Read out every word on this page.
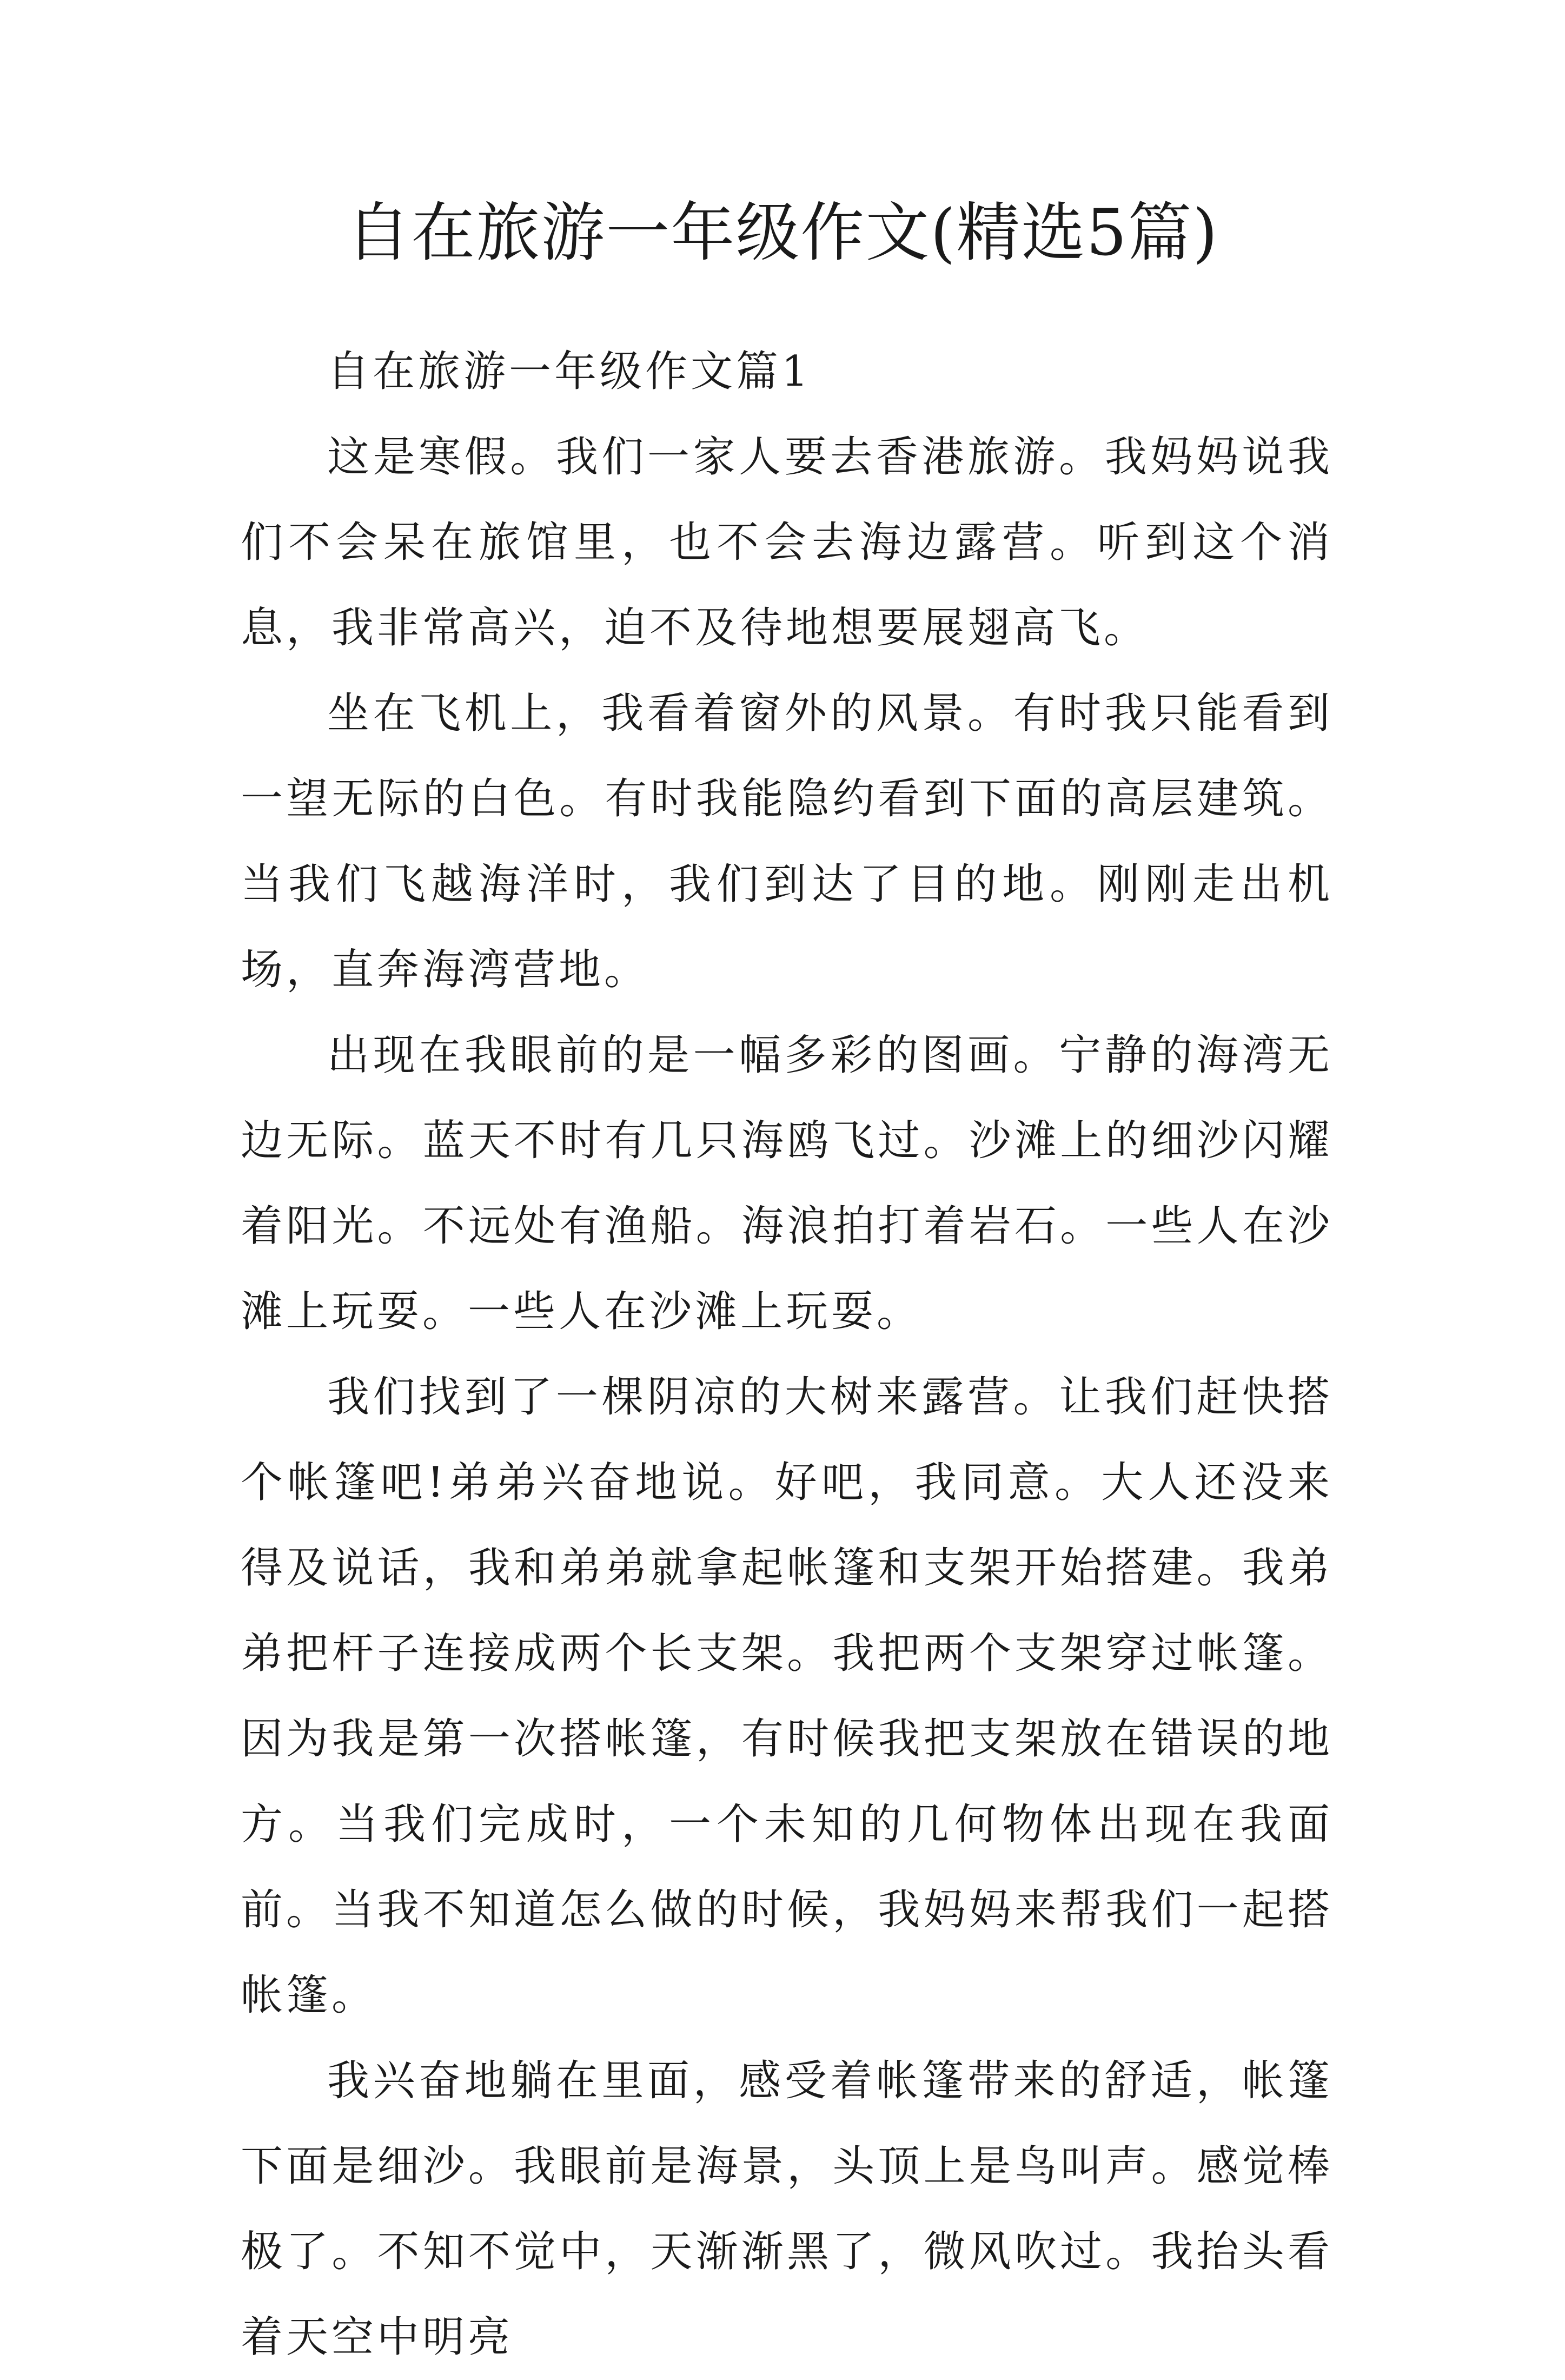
自在旅游一年级作文(精选5篇)
自在旅游一年级作文篇1

这是寒假。我们一家人要去香港旅游。我妈妈说我们不会呆在旅馆里，也不会去海边露营。听到这个消息，我非常高兴，迫不及待地想要展翅高飞。

坐在飞机上，我看着窗外的风景。有时我只能看到一望无际的白色。有时我能隐约看到下面的高层建筑。当我们飞越海洋时，我们到达了目的地。刚刚走出机场，直奔海湾营地。

出现在我眼前的是一幅多彩的图画。宁静的海湾无边无际。蓝天不时有几只海鸥飞过。沙滩上的细沙闪耀着阳光。不远处有渔船。海浪拍打着岩石。一些人在沙滩上玩耍。一些人在沙滩上玩耍。

我们找到了一棵阴凉的大树来露营。让我们赶快搭个帐篷吧!弟弟兴奋地说。好吧，我同意。大人还没来得及说话，我和弟弟就拿起帐篷和支架开始搭建。我弟弟把杆子连接成两个长支架。我把两个支架穿过帐篷。因为我是第一次搭帐篷，有时候我把支架放在错误的地方。当我们完成时，一个未知的几何物体出现在我面前。当我不知道怎么做的时候，我妈妈来帮我们一起搭帐篷。

我兴奋地躺在里面，感受着帐篷带来的舒适，帐篷下面是细沙。我眼前是海景，头顶上是鸟叫声。感觉棒极了。不知不觉中，天渐渐黑了，微风吹过。我抬头看着天空中明亮
